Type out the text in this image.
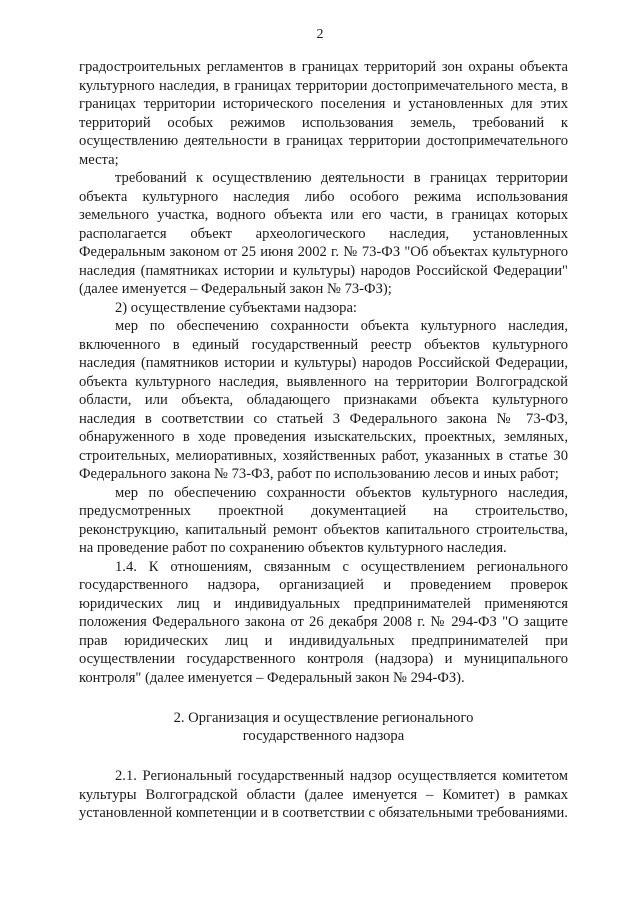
2

градостроительных регламентов в границах территорий зон охраны объекта культурного наследия, в границах территории достопримечательного места, в границах территории исторического поселения и установленных для этих территорий особых режимов использования земель, требований к осуществлению деятельности в границах территории достопримечательного места;

требований к осуществлению деятельности в границах территории объекта культурного наследия либо особого режима использования земельного участка, водного объекта или его части, в границах которых располагается объект археологического наследия, установленных Федеральным законом от 25 июня 2002 г. № 73-ФЗ "Об объектах культурного наследия (памятниках истории и культуры) народов Российской Федерации" (далее именуется – Федеральный закон № 73-ФЗ);

2) осуществление субъектами надзора:

мер по обеспечению сохранности объекта культурного наследия, включенного в единый государственный реестр объектов культурного наследия (памятников истории и культуры) народов Российской Федерации, объекта культурного наследия, выявленного на территории Волгоградской области, или объекта, обладающего признаками объекта культурного наследия в соответствии со статьей 3 Федерального закона № 73-ФЗ, обнаруженного в ходе проведения изыскательских, проектных, земляных, строительных, мелиоративных, хозяйственных работ, указанных в статье 30 Федерального закона № 73-ФЗ, работ по использованию лесов и иных работ;

мер по обеспечению сохранности объектов культурного наследия, предусмотренных проектной документацией на строительство, реконструкцию, капитальный ремонт объектов капитального строительства, на проведение работ по сохранению объектов культурного наследия.

1.4. К отношениям, связанным с осуществлением регионального государственного надзора, организацией и проведением проверок юридических лиц и индивидуальных предпринимателей применяются положения Федерального закона от 26 декабря 2008 г. № 294-ФЗ "О защите прав юридических лиц и индивидуальных предпринимателей при осуществлении государственного контроля (надзора) и муниципального контроля" (далее именуется – Федеральный закон № 294-ФЗ).

2. Организация и осуществление регионального
государственного надзора

2.1. Региональный государственный надзор осуществляется комитетом культуры Волгоградской области (далее именуется – Комитет) в рамках установленной компетенции и в соответствии с обязательными требованиями.
